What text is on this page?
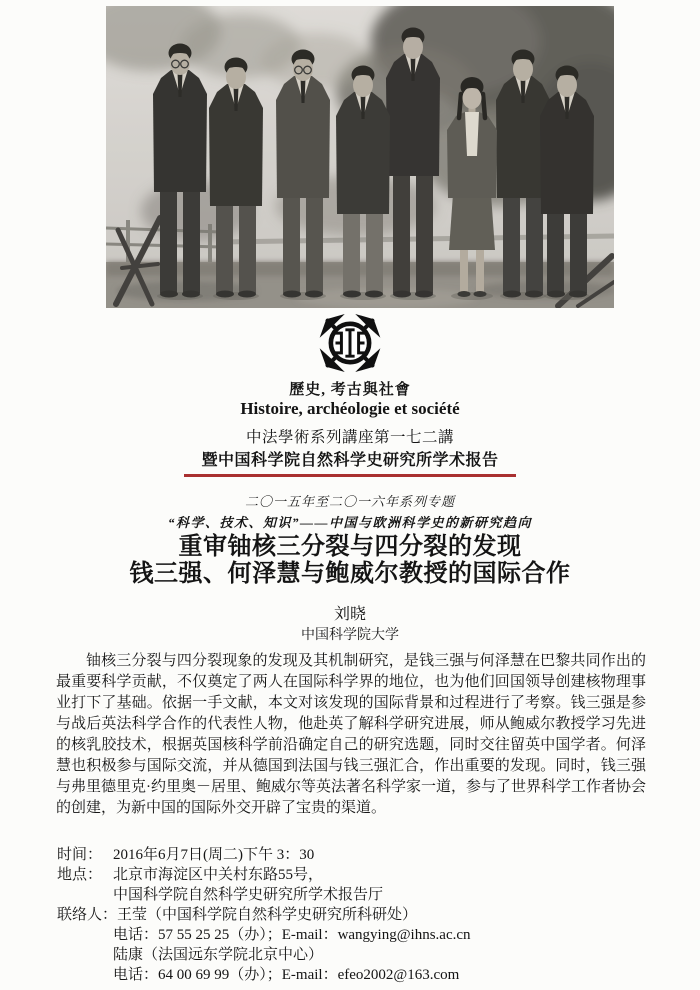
歷史, 考古與社會
Histoire, archéologie et société
中法學術系列講座第一七二講
暨中国科学院自然科学史研究所学术报告
二〇一五年至二〇一六年系列专题
“科学、技术、知识”——中国与欧洲科学史的新研究趋向
重审铀核三分裂与四分裂的发现
钱三强、何泽慧与鲍威尔教授的国际合作
刘晓
中国科学院大学
铀核三分裂与四分裂现象的发现及其机制研究，是钱三强与何泽慧在巴黎共同作出的最重要科学贡献，不仅奠定了两人在国际科学界的地位，也为他们回国领导创建核物理事业打下了基础。依据一手文献，本文对该发现的国际背景和过程进行了考察。钱三强是参与战后英法科学合作的代表性人物，他赴英了解科学研究进展，师从鲍威尔教授学习先进的核乳胶技术，根据英国核科学前沿确定自己的研究选题，同时交往留英中国学者。何泽慧也积极参与国际交流，并从德国到法国与钱三强汇合，作出重要的发现。同时，钱三强与弗里德里克·约里奥－居里、鲍威尔等英法著名科学家一道，参与了世界科学工作者协会的创建，为新中国的国际外交开辟了宝贵的渠道。
时间： 2016年6月7日(周二)下午 3：30
地点： 北京市海淀区中关村东路55号，
中国科学院自然科学史研究所学术报告厅
联络人： 王莹（中国科学院自然科学史研究所科研处）
电话：57 55 25 25（办）；E-mail：wangying@ihns.ac.cn
陆康（法国远东学院北京中心）
电话：64 00 69 99（办）；E-mail：efeo2002@163.com
